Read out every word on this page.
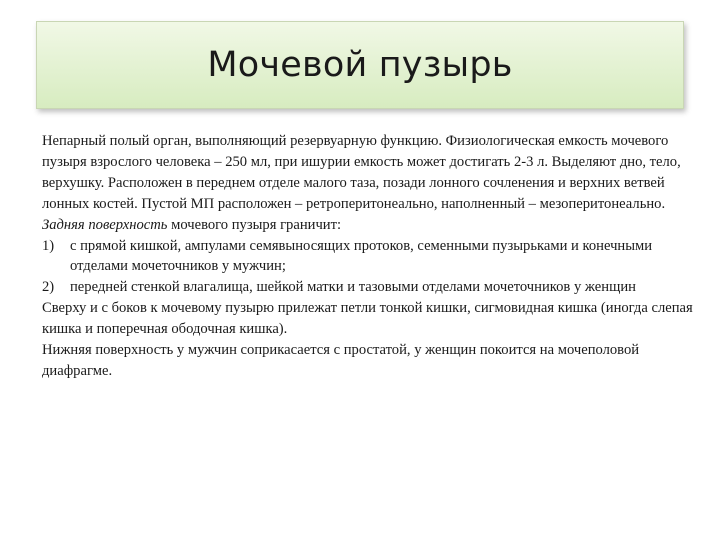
Мочевой пузырь

Непарный полый орган, выполняющий резервуарную функцию. Физиологическая емкость мочевого пузыря взрослого человека – 250 мл, при ишурии емкость может достигать 2-3 л. Выделяют дно, тело, верхушку. Расположен в переднем отделе малого таза, позади лонного сочленения и верхних ветвей лонных костей. Пустой МП расположен – ретроперитонеально, наполненный – мезоперитонеально. Задняя поверхность мочевого пузыря граничит:

1)	с прямой кишкой, ампулами семявыносящих протоков, семенными пузырьками и конечными отделами мочеточников у мужчин;
2)	передней стенкой влагалища, шейкой матки и тазовыми отделами мочеточников у женщин

Сверху и с боков к мочевому пузырю прилежат петли тонкой кишки, сигмовидная кишка (иногда слепая кишка и поперечная ободочная кишка).

Нижняя поверхность у мужчин соприкасается с простатой, у женщин покоится на мочеполовой диафрагме.
